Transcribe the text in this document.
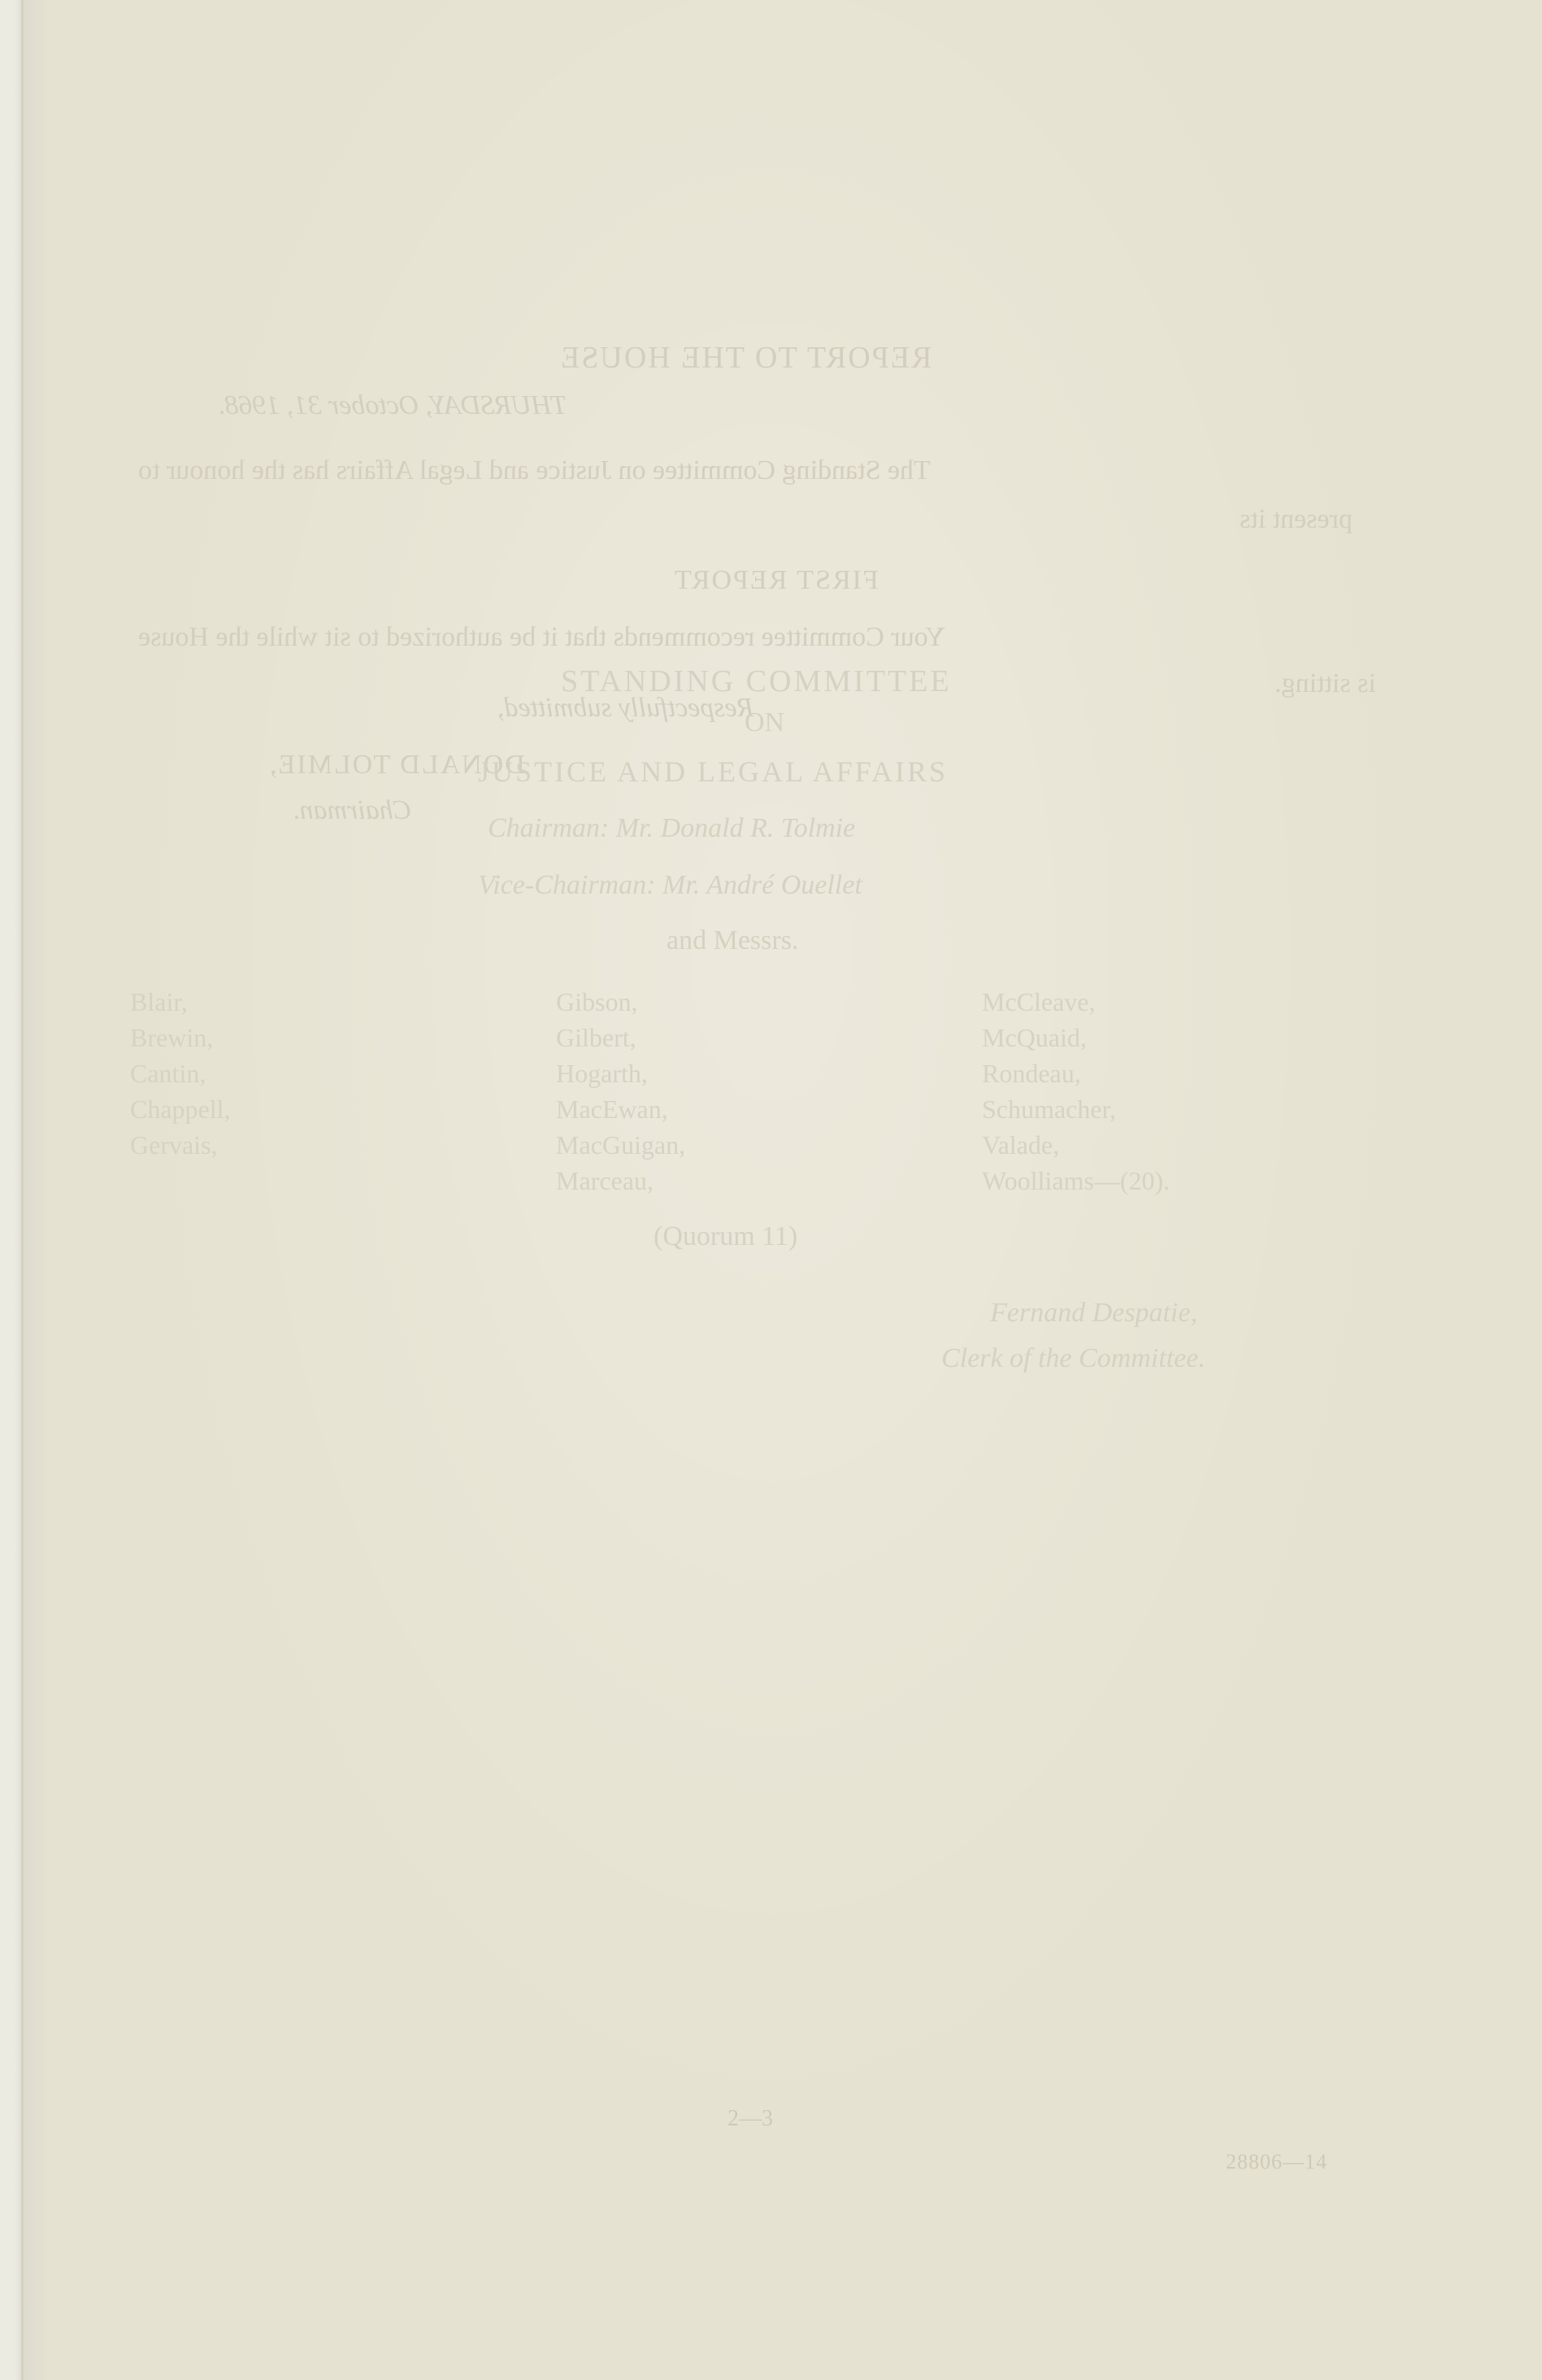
REPORT TO THE HOUSE
THURSDAY, October 31, 1968.
The Standing Committee on Justice and Legal Affairs has the honour to
present its
FIRST REPORT
Your Committee recommends that it be authorized to sit while the House
is sitting.
Respectfully submitted,
DONALD TOLMIE,
Chairman.
STANDING COMMITTEE
ON
JUSTICE AND LEGAL AFFAIRS
Chairman: Mr. Donald R. Tolmie
Vice-Chairman: Mr. André Ouellet
and Messrs.
Blair,
Brewin,
Cantin,
Chappell,
Gervais,
Gibson,
Gilbert,
Hogarth,
MacEwan,
MacGuigan,
Marceau,
McCleave,
McQuaid,
Rondeau,
Schumacher,
Valade,
Woolliams—(20).
(Quorum 11)
Fernand Despatie,
Clerk of the Committee.
2—3
28806—14
